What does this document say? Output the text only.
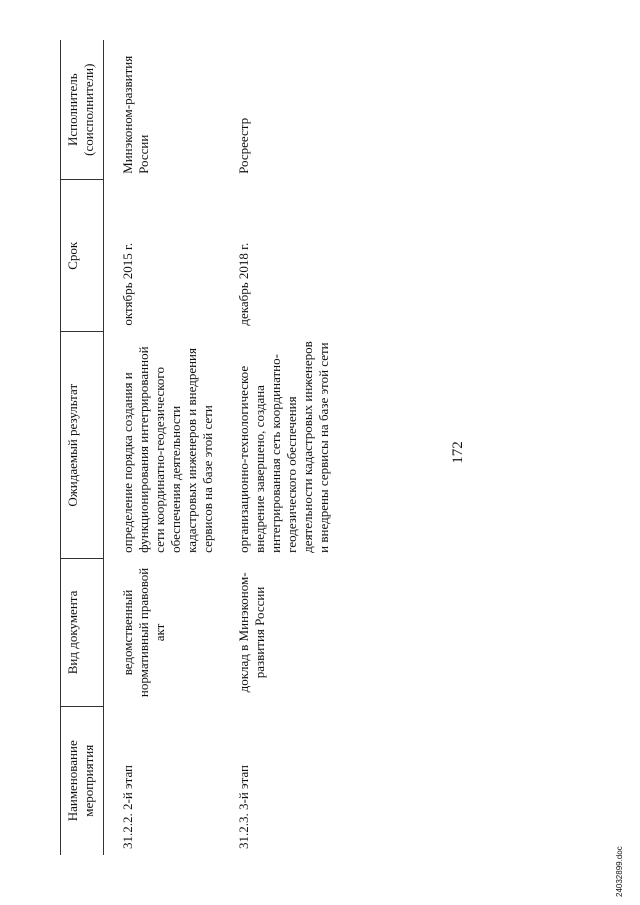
172
Наименование мероприятия	Вид документа	Ожидаемый результат	Срок	Исполнитель (соисполнители)
31.2.2. 2-й этап	ведомственный нормативный правовой акт	определение порядка создания и функционирования интегрированной сети координатно-геодезического обеспечения деятельности кадастровых инженеров и внедрения сервисов на базе этой сети	октябрь 2015 г.	Минэконом-развития России
31.2.3. 3-й этап	доклад в Минэконом-развития России	организационно-технологическое внедрение завершено, создана интегрированная сеть координатно-геодезического обеспечения деятельности кадастровых инженеров и внедрены сервисы на базе этой сети	декабрь 2018 г.	Росреестр
24032899.doc
